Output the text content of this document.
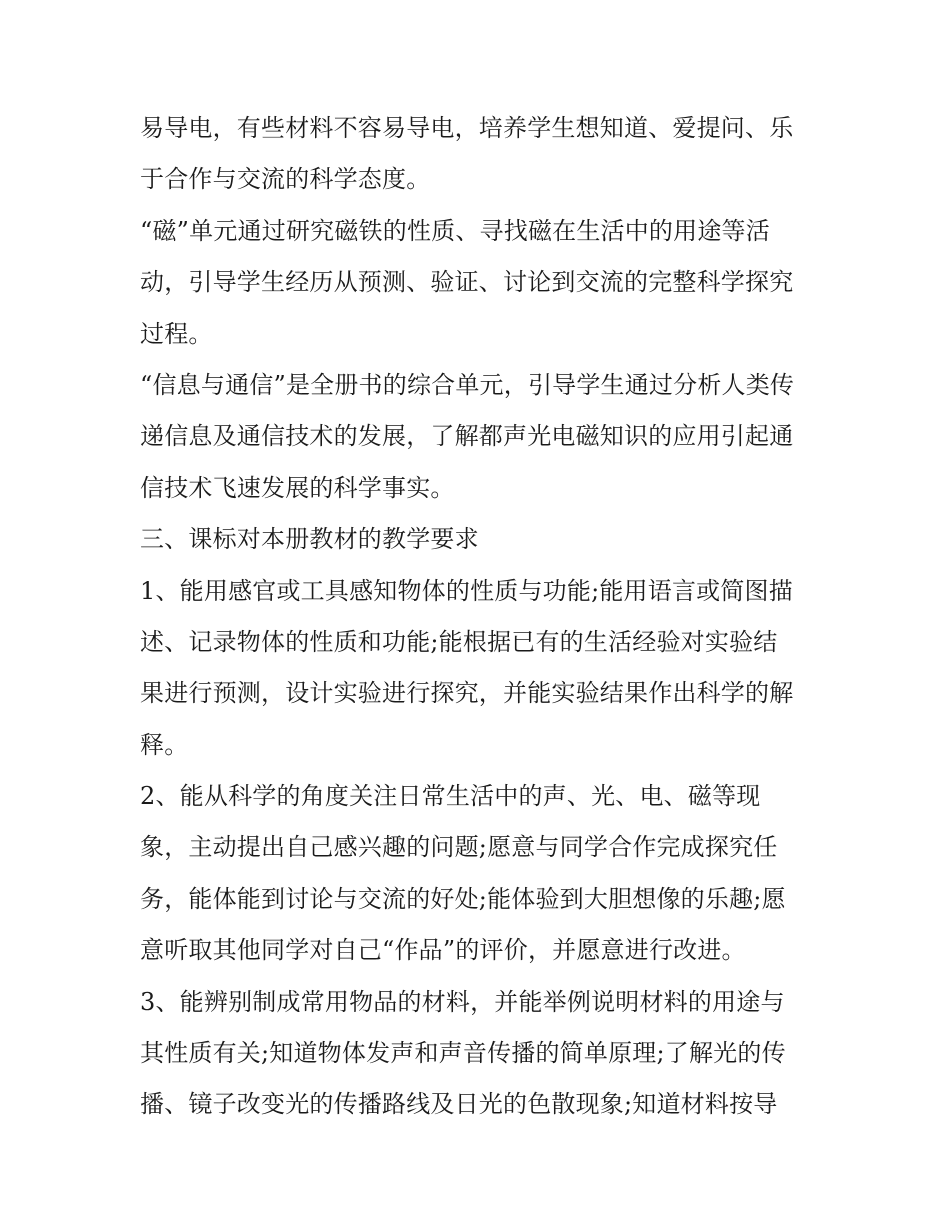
易导电，有些材料不容易导电，培养学生想知道、爱提问、乐
于合作与交流的科学态度。
“磁”单元通过研究磁铁的性质、寻找磁在生活中的用途等活
动，引导学生经历从预测、验证、讨论到交流的完整科学探究
过程。
“信息与通信”是全册书的综合单元，引导学生通过分析人类传
递信息及通信技术的发展，了解都声光电磁知识的应用引起通
信技术飞速发展的科学事实。
三、课标对本册教材的教学要求
1、能用感官或工具感知物体的性质与功能;能用语言或简图描
述、记录物体的性质和功能;能根据已有的生活经验对实验结
果进行预测，设计实验进行探究，并能实验结果作出科学的解
释。
2、能从科学的角度关注日常生活中的声、光、电、磁等现
象，主动提出自己感兴趣的问题;愿意与同学合作完成探究任
务，能体能到讨论与交流的好处;能体验到大胆想像的乐趣;愿
意听取其他同学对自己“作品”的评价，并愿意进行改进。
3、能辨别制成常用物品的材料，并能举例说明材料的用途与
其性质有关;知道物体发声和声音传播的简单原理;了解光的传
播、镜子改变光的传播路线及日光的色散现象;知道材料按导
